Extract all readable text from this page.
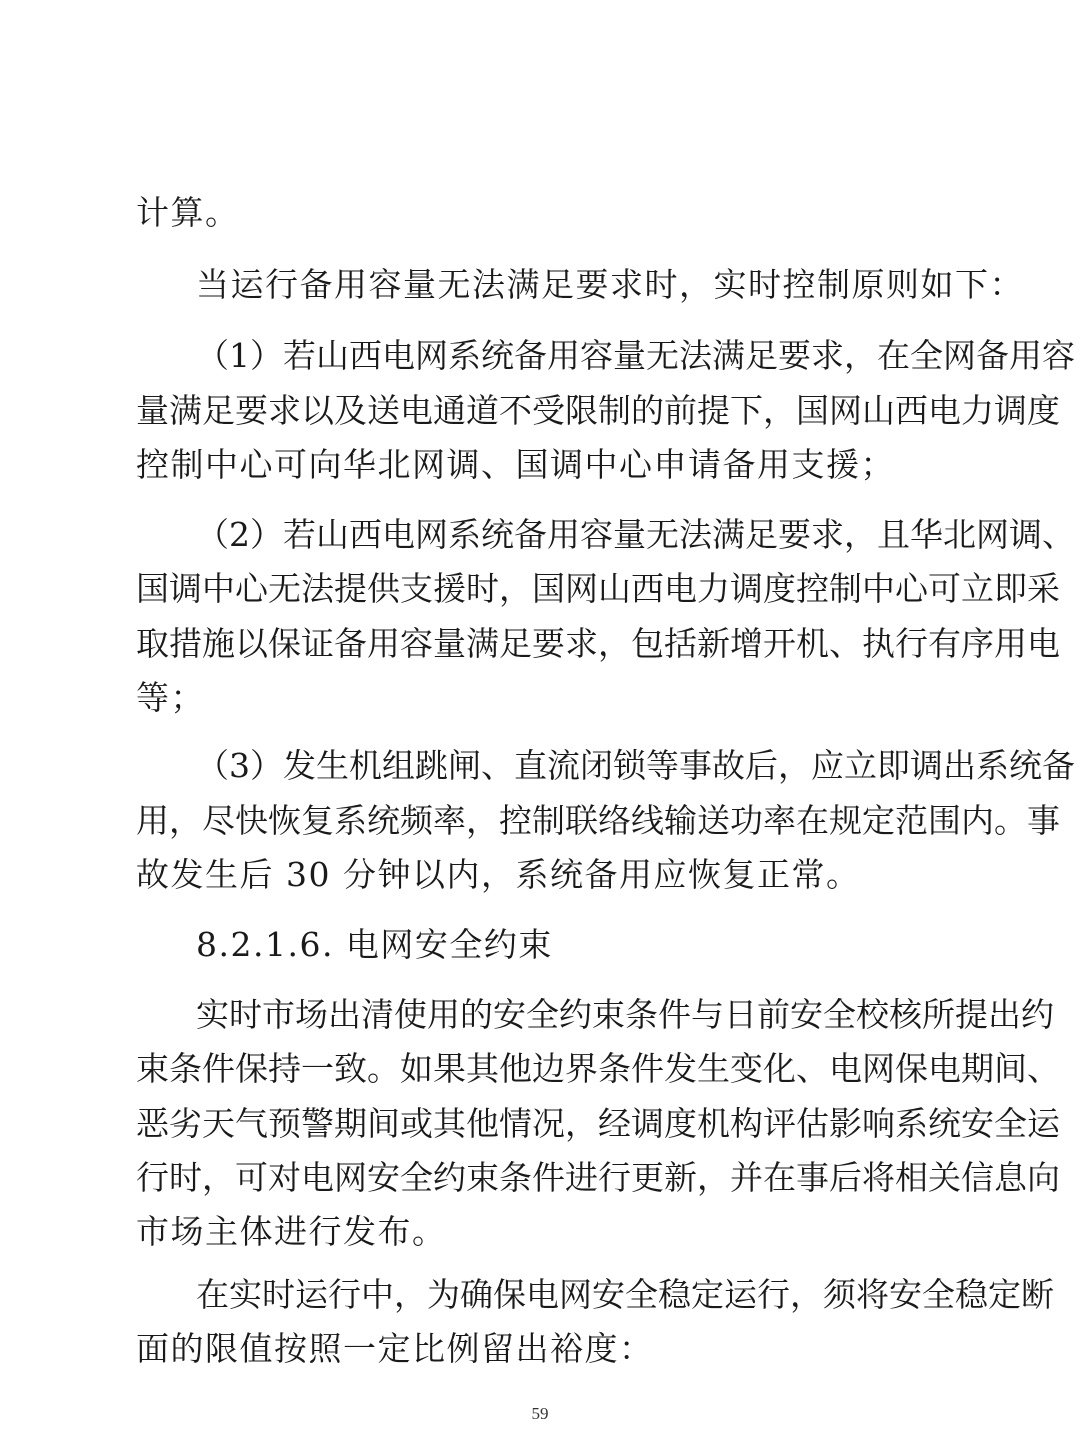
计算。
当运行备用容量无法满足要求时，实时控制原则如下：
（1）若山西电网系统备用容量无法满足要求，在全网备用容
量满足要求以及送电通道不受限制的前提下，国网山西电力调度
控制中心可向华北网调、国调中心申请备用支援；
（2）若山西电网系统备用容量无法满足要求，且华北网调、
国调中心无法提供支援时，国网山西电力调度控制中心可立即采
取措施以保证备用容量满足要求，包括新增开机、执行有序用电
等；
（3）发生机组跳闸、直流闭锁等事故后，应立即调出系统备
用，尽快恢复系统频率，控制联络线输送功率在规定范围内。事
故发生后 30 分钟以内，系统备用应恢复正常。
8.2.1.6. 电网安全约束
实时市场出清使用的安全约束条件与日前安全校核所提出约
束条件保持一致。如果其他边界条件发生变化、电网保电期间、
恶劣天气预警期间或其他情况，经调度机构评估影响系统安全运
行时，可对电网安全约束条件进行更新，并在事后将相关信息向
市场主体进行发布。
在实时运行中，为确保电网安全稳定运行，须将安全稳定断
面的限值按照一定比例留出裕度：
59
